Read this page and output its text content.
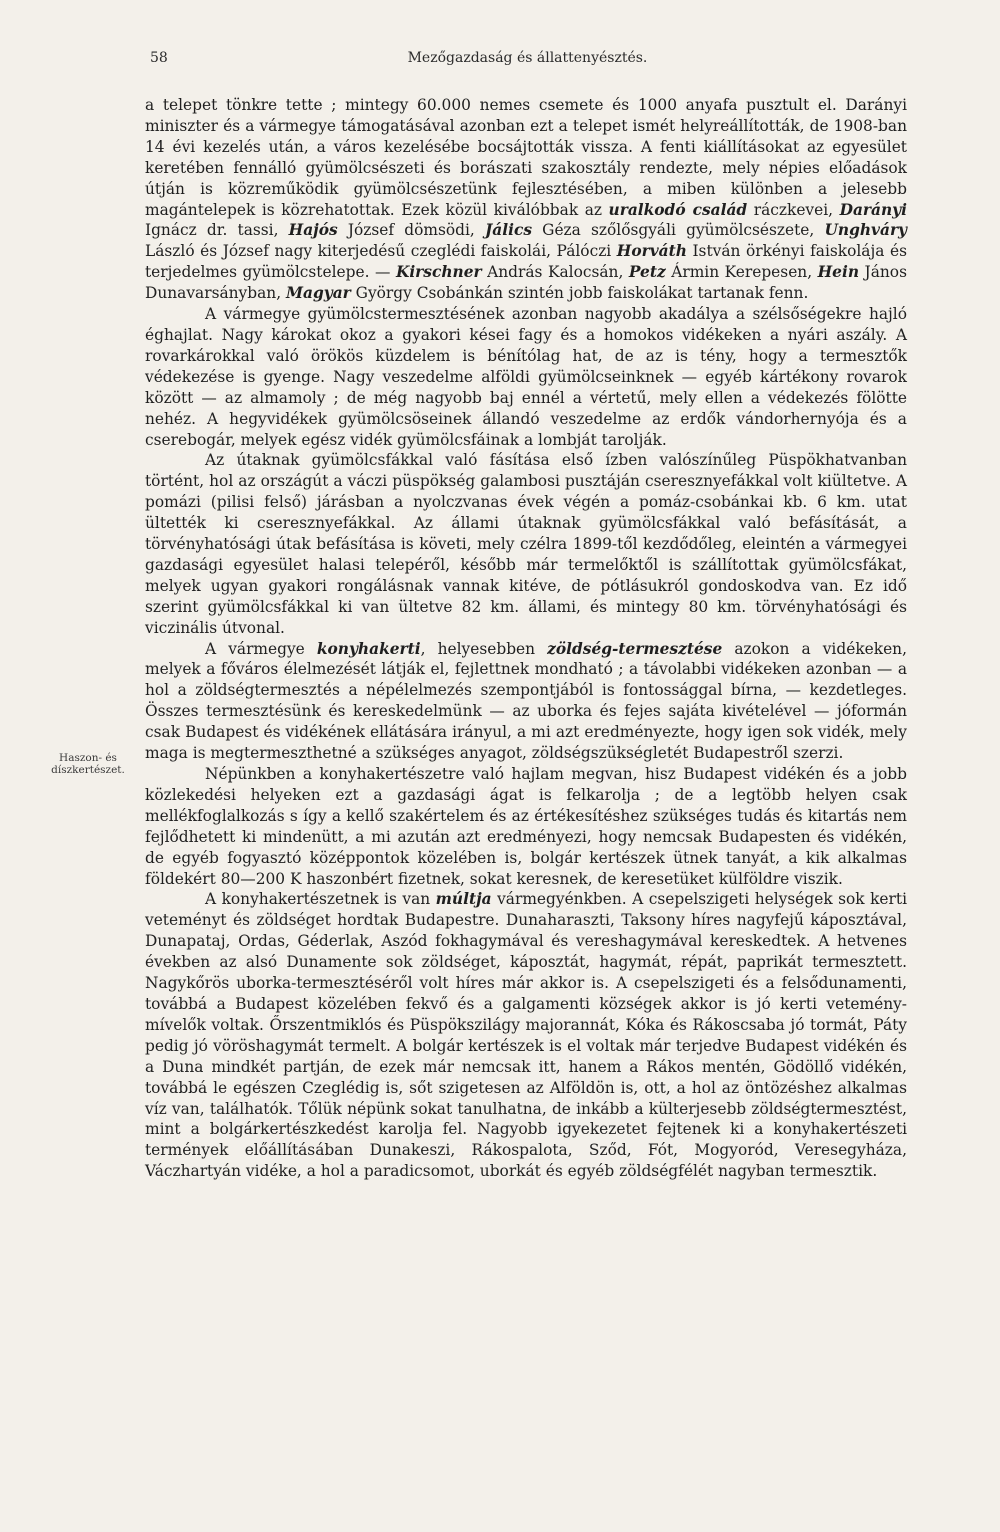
58	Mezőgazdaság és állattenyésztés.
Haszon- és díszkertészet.

a telepet tönkre tette ; mintegy 60.000 nemes csemete és 1000 anyafa pusztult el. Darányi miniszter és a vármegye támogatásával azonban ezt a telepet ismét helyreállították, de 1908-ban 14 évi kezelés után, a város kezelésébe bocsájtották vissza. A fenti kiállításokat az egyesület keretében fennálló gyümölcsészeti és borászati szakosztály rendezte, mely népies előadások útján is közreműködik gyümölcsészetünk fejlesztésében, a miben különben a jelesebb magántelepek is közrehatottak. Ezek közül kiválóbbak az uralkodó család ráczkevei, Darányi Ignácz dr. tassi, Hajós József dömsödi, Jálics Géza szőlősgyáli gyümölcsészete, Unghváry László és József nagy kiterjedésű czeglédi faiskolái, Pálóczi Horváth István örkényi faiskolája és terjedelmes gyümölcstelepe. — Kirschner András Kalocsán, Petz Ármin Kerepesen, Hein János Dunavarsányban, Magyar György Csobánkán szintén jobb faiskolákat tartanak fenn.

A vármegye gyümölcstermesztésének azonban nagyobb akadálya a szélsőségekre hajló éghajlat. Nagy károkat okoz a gyakori kései fagy és a homokos vidékeken a nyári aszály. A rovarkárokkal való örökös küzdelem is bénítólag hat, de az is tény, hogy a termesztők védekezése is gyenge. Nagy veszedelme alföldi gyümölcseinknek — egyéb kártékony rovarok között — az almamoly ; de még nagyobb baj ennél a vértetű, mely ellen a védekezés fölötte nehéz. A hegyvidékek gyümölcsöseinek állandó veszedelme az erdők vándorhernyója és a cserebogár, melyek egész vidék gyümölcsfáinak a lombját tarolják.

Az útaknak gyümölcsfákkal való fásítása első ízben valószínűleg Püspökhatvanban történt, hol az országút a váczi püspökség galambosi pusztáján cseresznyefákkal volt kiültetve. A pomázi (pilisi felső) járásban a nyolczvanas évek végén a pomáz-csobánkai kb. 6 km. utat ültették ki cseresznyefákkal. Az állami útaknak gyümölcsfákkal való befásítását, a törvényhatósági útak befásítása is követi, mely czélra 1899-től kezdődőleg, eleintén a vármegyei gazdasági egyesület halasi telepéről, később már termelőktől is szállítottak gyümölcsfákat, melyek ugyan gyakori rongálásnak vannak kitéve, de pótlásukról gondoskodva van. Ez idő szerint gyümölcsfákkal ki van ültetve 82 km. állami, és mintegy 80 km. törvényhatósági és viczinális útvonal.

A vármegye konyhakerti, helyesebben zöldség-termesztése azokon a vidékeken, melyek a főváros élelmezését látják el, fejlettnek mondható ; a távolabbi vidékeken azonban — a hol a zöldségtermesztés a népélelmezés szempontjából is fontossággal bírna, — kezdetleges. Összes termesztésünk és kereskedelmünk — az uborka és fejes sajáta kivételével — jóformán csak Budapest és vidékének ellátására irányul, a mi azt eredményezte, hogy igen sok vidék, mely maga is megtermeszthetné a szükséges anyagot, zöldségszükségletét Budapestről szerzi.

Népünkben a konyhakertészetre való hajlam megvan, hisz Budapest vidékén és a jobb közlekedési helyeken ezt a gazdasági ágat is felkarolja ; de a legtöbb helyen csak mellékfoglalkozás s így a kellő szakértelem és az értékesítéshez szükséges tudás és kitartás nem fejlődhetett ki mindenütt, a mi azután azt eredményezi, hogy nemcsak Budapesten és vidékén, de egyéb fogyasztó középpontok közelében is, bolgár kertészek ütnek tanyát, a kik alkalmas földekért 80—200 K haszonbért fizetnek, sokat keresnek, de keresetüket külföldre viszik.

A konyhakertészetnek is van múltja vármegyénkben. A csepelszigeti helységek sok kerti veteményt és zöldséget hordtak Budapestre. Dunaharaszti, Taksony híres nagyfejű káposztával, Dunapataj, Ordas, Géderlak, Aszód fokhagymával és vereshagymával kereskedtek. A hetvenes években az alsó Dunamente sok zöldséget, káposztát, hagymát, répát, paprikát termesztett. Nagykőrös uborka-termesztéséről volt híres már akkor is. A csepelszigeti és a felsődunamenti, továbbá a Budapest közelében fekvő és a galgamenti községek akkor is jó kerti vetemény-mívelők voltak. Őrszentmiklós és Püspökszilágy majorannát, Kóka és Rákoscsaba jó tormát, Páty pedig jó vöröshagymát termelt. A bolgár kertészek is el voltak már terjedve Budapest vidékén és a Duna mindkét partján, de ezek már nemcsak itt, hanem a Rákos mentén, Gödöllő vidékén, továbbá le egészen Czeglédig is, sőt szigetesen az Alföldön is, ott, a hol az öntözéshez alkalmas víz van, találhatók. Tőlük népünk sokat tanulhatna, de inkább a külterjesebb zöldségtermesztést, mint a bolgárkertészkedést karolja fel. Nagyobb igyekezetet fejtenek ki a konyhakertészeti termények előállításában Dunakeszi, Rákospalota, Sződ, Fót, Mogyoród, Veresegyháza, Váczhartyán vidéke, a hol a paradicsomot, uborkát és egyéb zöldségfélét nagyban termesztik.
